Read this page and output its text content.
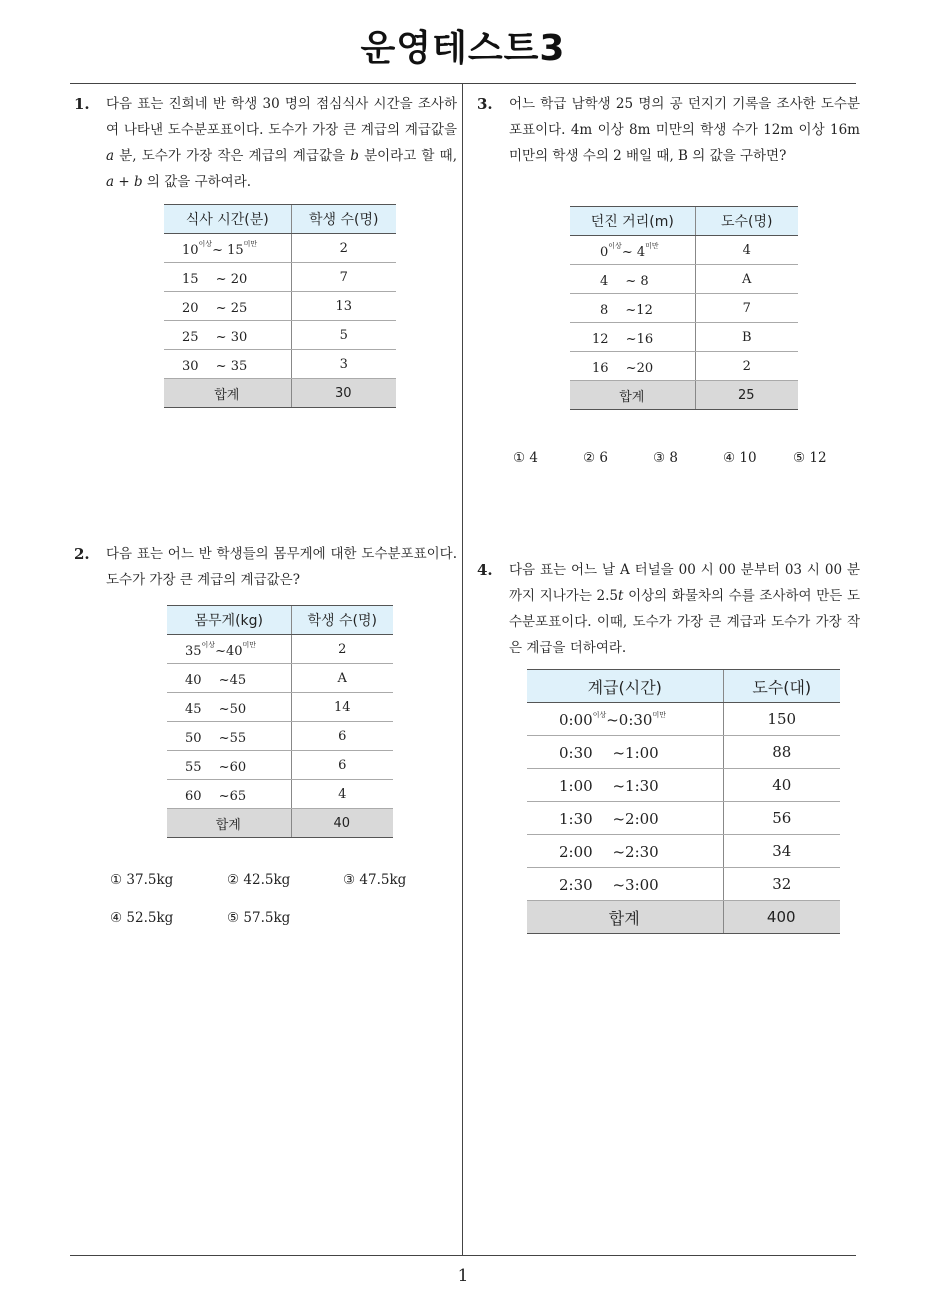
운영테스트3
1
1. 다음 표는 진희네 반 학생 30 명의 점심식사 시간을 조사하여 나타낸 도수분포표이다. 도수가 가장 큰 계급의 계급값을 a 분, 도수가 가장 작은 계급의 계급값을 b 분이라고 할 때, a + b 의 값을 구하여라.
식사 시간(분)	학생 수(명)
$10^{이상}\sim$ $15^{미만}$	2
15 　~ 20	7
20 　~ 25	13
25 　~ 30	5
30 　~ 35	3
합계	30
2. 다음 표는 어느 반 학생들의 몸무게에 대한 도수분포표이다. 도수가 가장 큰 계급의 계급값은?
몸무게(kg)	학생 수(명)
$35^{이상}\sim 40^{미만}$	2
40 　~45	A
45 　~50	14
50 　~55	6
55 　~60	6
60 　~65	4
합계	40
① 37.5kg	② 42.5kg	③ 47.5kg
④ 52.5kg	⑤ 57.5kg
3. 어느 학급 남학생 25 명의 공 던지기 기록을 조사한 도수분포표이다. 4m 이상 8m 미만의 학생 수가 12m 이상 16m 미만의 학생 수의 2 배일 때, B 의 값을 구하면?
던진 거리(m)	도수(명)
$0^{이상}\sim$ $4^{미만}$	4
4 　~ 8	A
8 　~12	7
12 　~16	B
16 　~20	2
합계	25
① 4	② 6	③ 8	④ 10	⑤ 12
4. 다음 표는 어느 날 A 터널을 00 시 00 분부터 03 시 00 분까지 지나가는 2.5t 이상의 화물차의 수를 조사하여 만든 도수분포표이다. 이때, 도수가 가장 큰 계급과 도수가 가장 작은 계급을 더하여라.
계급(시간)	도수(대)
$0:00^{이상}\sim 0:30^{미만}$	150
0:30 　~1:00	88
1:00 　~1:30	40
1:30 　~2:00	56
2:00 　~2:30	34
2:30 　~3:00	32
합계	400
